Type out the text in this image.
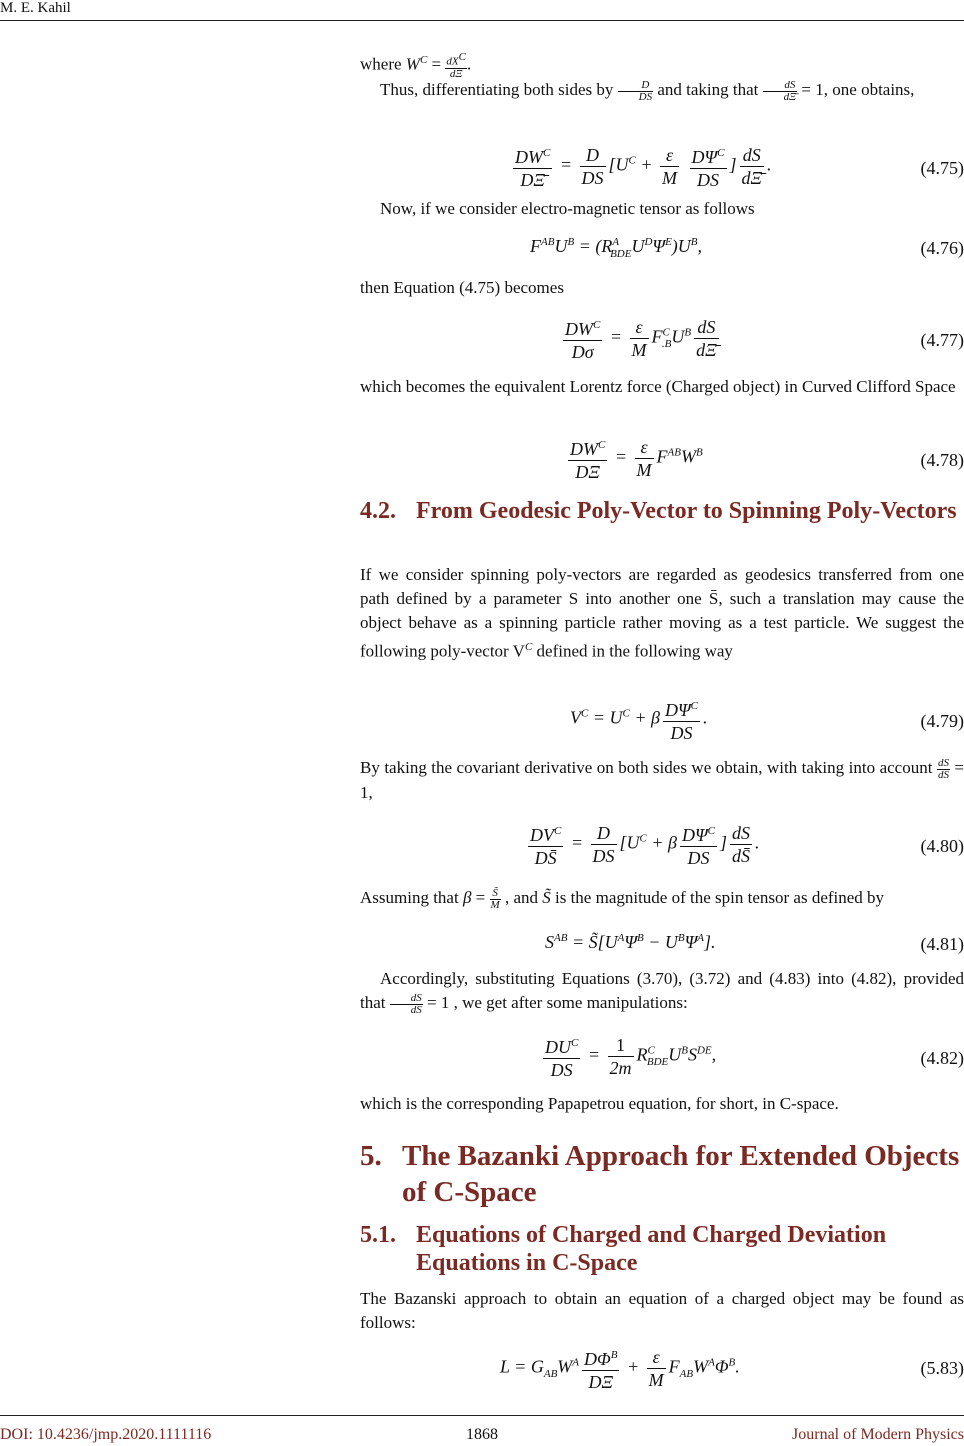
M. E. Kahil
where $W^C = dX^C$
dΞ .
Thus, differentiating both sides by $\frac{D}{DS}$ and taking that $\frac{dS}{d\Xī} = 1$, one obtains,
$\frac{DW^C}{D\Xī} = \frac{D}{DS} [U^C + \frac{\varepsilon}{M}$
$\frac{D\Psi^C}{DS}$ ] $\frac{dS}{d\Xī}$ .	(4.75)
Now, if we consider electro-magnetic tensor as follows
$F^{AB}U^B = (R^A_{BDE}U^D\Psi^E)U^B$,	(4.76)
then Equation (4.75) becomes
$\frac{DW^C}{D\sigma} = \frac{\varepsilon}{M} F^C_{.B}U^B \frac{dS}{d\Xī}$	(4.77)
which becomes the equivalent Lorentz force (Charged object) in Curved Clifford Space
$\frac{DW^C}{D\Xi} = \frac{\varepsilon}{M} F^{AB}W^B$	(4.78)
4.2. From Geodesic Poly-Vector to Spinning Poly-Vectors
If we consider spinning poly-vectors are regarded as geodesics transferred from one path defined by a parameter S into another one S̄, such a translation may cause the object behave as a spinning particle rather moving as a test particle. We suggest the following poly-vector $V^C$ defined in the following way
$V^C = U^C + \beta \frac{D\Psi^C}{DS}$ .	(4.79)
By taking the covariant derivative on both sides we obtain, with taking into account $\frac{dS}{dS} = 1$,
$\frac{DV^C}{DS̄} = \frac{D}{DS} [U^C + \beta \frac{D\Psi^C}{DS}$ ] $\frac{dS}{dS̄}$ .	(4.80)
Assuming that $\beta = \frac{S̃}{M}$ , and S̃ is the magnitude of the spin tensor as defined by
$S^{AB}$ = $S̃[U^A\Psi^B - U^B\Psi^A]$.	(4.81)
Accordingly, substituting Equations (3.70), (3.72) and (4.83) into (4.82), provided that $\frac{dS}{dS} = 1$ , we get after some manipulations:
$\frac{DU^C}{DS} = \frac{1}{2m} R^C_{BDE}U^BS^{DE}$,	(4.82)
which is the corresponding Papapetrou equation, for short, in C-space.
5. The Bazanki Approach for Extended Objects of C-Space
5.1. Equations of Charged and Charged Deviation Equations in C-Space
The Bazanski approach to obtain an equation of a charged object may be found as follows:
$L = G_{AB}W^A \frac{D\Phi^B}{D\Xi} + \frac{\varepsilon}{M} F_{AB}W^A\Phi^B$.	(5.83)
DOI: 10.4236/jmp.2020.1111116	1868	Journal of Modern Physics
